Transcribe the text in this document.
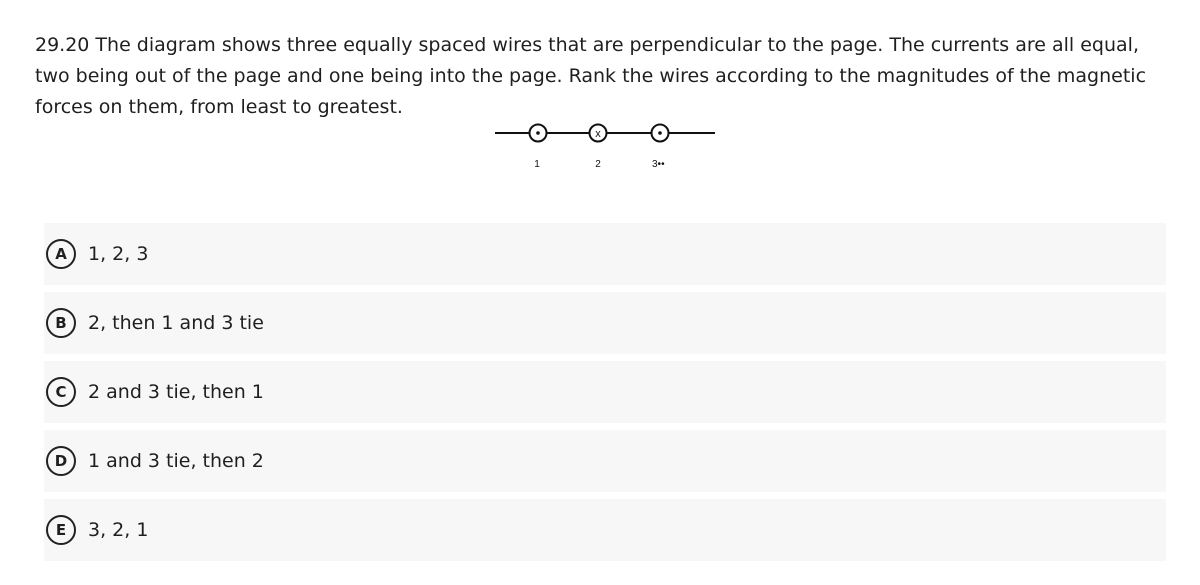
29.20 The diagram shows three equally spaced wires that are perpendicular to the page. The currents are all equal, two being out of the page and one being into the page. Rank the wires according to the magnitudes of the magnetic forces on them, from least to greatest.

x
1	2	3••
A	1, 2, 3
B	2, then 1 and 3 tie
C	2 and 3 tie, then 1
D	1 and 3 tie, then 2
E	3, 2, 1
